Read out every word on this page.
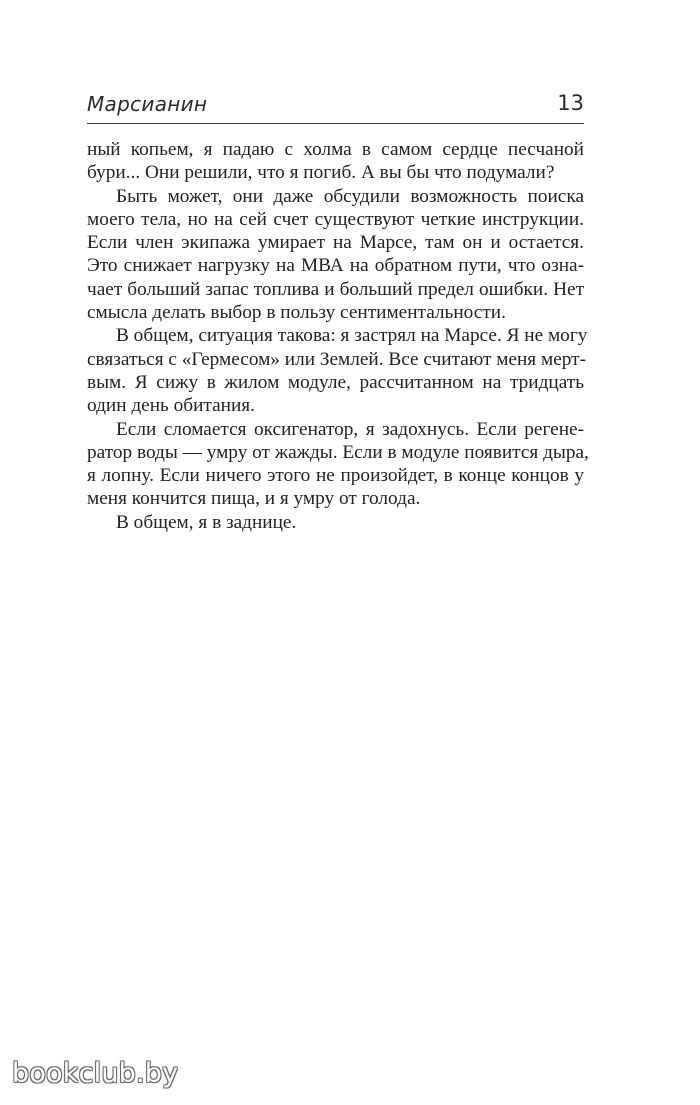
Марсианин	13
ный копьем, я падаю с холма в самом сердце песчаной
бури... Они решили, что я погиб. А вы бы что подумали?
Быть может, они даже обсудили возможность поиска
моего тела, но на сей счет существуют четкие инструкции.
Если член экипажа умирает на Марсе, там он и остается.
Это снижает нагрузку на МВА на обратном пути, что озна-
чает больший запас топлива и больший предел ошибки. Нет
смысла делать выбор в пользу сентиментальности.
В общем, ситуация такова: я застрял на Марсе. Я не могу
связаться с «Гермесом» или Землей. Все считают меня мерт-
вым. Я сижу в жилом модуле, рассчитанном на тридцать
один день обитания.
Если сломается оксигенатор, я задохнусь. Если регене-
ратор воды — умру от жажды. Если в модуле появится дыра,
я лопну. Если ничего этого не произойдет, в конце концов у
меня кончится пища, и я умру от голода.
В общем, я в заднице.
bookclub.by
